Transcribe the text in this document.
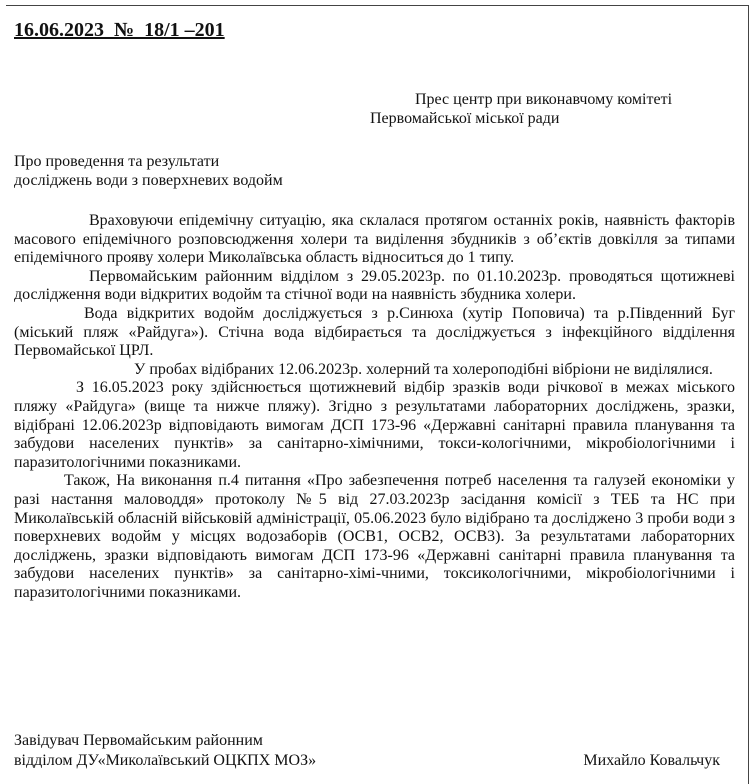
16.06.2023  №  18/1 –201
Прес центр при виконавчому комітеті
Первомайської міської ради
Про проведення та результати
досліджень води з поверхневих водойм

Враховуючи епідемічну ситуацію, яка склалася протягом останніх років, наявність факторів масового епідемічного розповсюдження холери та виділення збудників з об’єктів довкілля за типами епідемічного прояву холери Миколаївська область відноситься до 1 типу.

Первомайським районним відділом з 29.05.2023р. по 01.10.2023р. проводяться щотижневі дослідження води відкритих водойм та стічної води на наявність збудника холери.

Вода відкритих водойм досліджується з р.Синюха (хутір Поповича) та р.Південний Буг (міський пляж «Райдуга»). Стічна вода відбирається та досліджується з інфекційного відділення Первомайської ЦРЛ.

У пробах відібраних 12.06.2023р. холерний та холероподібні вібріони не виділялися.

З 16.05.2023 року здійснюється щотижневий відбір зразків води річкової в межах міського пляжу «Райдуга» (вище та нижче пляжу). Згідно з результатами лабораторних досліджень, зразки, відібрані 12.06.2023р відповідають вимогам ДСП 173-96 «Державні санітарні правила планування та забудови населених пунктів» за санітарно-хімічними, токси-кологічними, мікробіологічними і паразитологічними показниками.

Також, На виконання п.4 питання «Про забезпечення потреб населення та галузей економіки у разі настання маловоддя» протоколу №5 від 27.03.2023р засідання комісії з ТЕБ та НС при Миколаївській обласній військовій адміністрації, 05.06.2023 було відібрано та досліджено 3 проби води з поверхневих водойм у місцях водозаборів (ОСВ1, ОСВ2, ОСВ3). За результатами лабораторних досліджень, зразки відповідають вимогам ДСП 173-96 «Державні санітарні правила планування та забудови населених пунктів» за санітарно-хімі-чними, токсикологічними, мікробіологічними і паразитологічними показниками.

Завідувач Первомайським районним
відділом ДУ«Миколаївський ОЦКПХ МОЗ»	Михайло Ковальчук
